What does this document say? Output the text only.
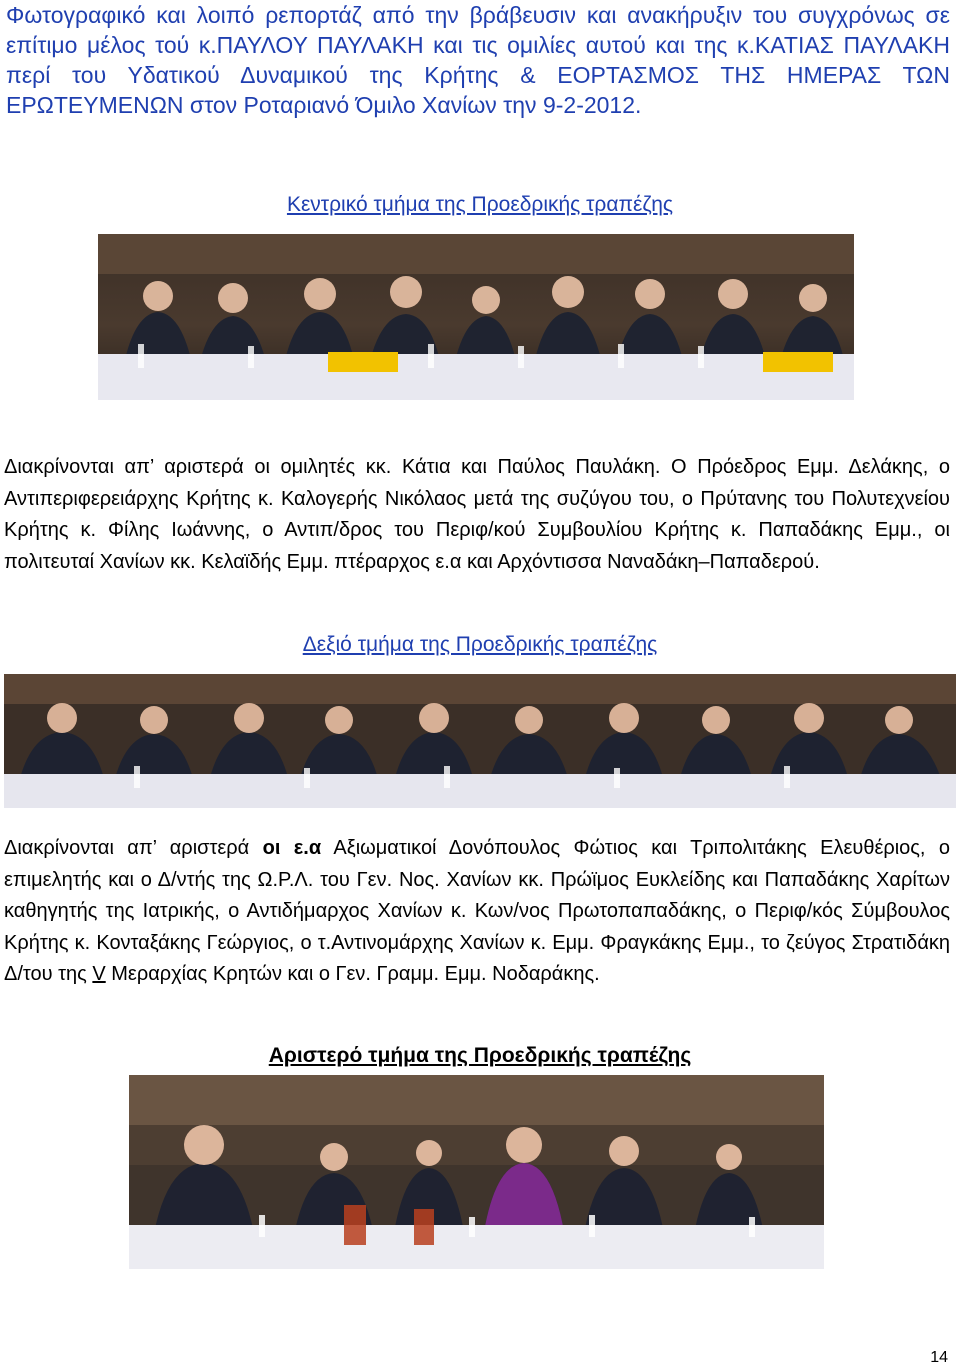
Φωτογραφικό και λοιπό ρεπορτάζ από την βράβευσιν και ανακήρυξιν του συγχρόνως σε επίτιμο μέλος τού κ.ΠΑΥΛΟΥ ΠΑΥΛΑΚΗ και τις ομιλίες αυτού και της κ.ΚΑΤΙΑΣ ΠΑΥΛΑΚΗ περί του Υδατικού Δυναμικού της Κρήτης & ΕΟΡΤΑΣΜΟΣ ΤΗΣ ΗΜΕΡΑΣ ΤΩΝ ΕΡΩΤΕΥΜΕΝΩΝ στον Ροταριανό Όμιλο Χανίων την 9-2-2012.
Κεντρικό τμήμα της Προεδρικής τραπέζης
Διακρίνονται απ’ αριστερά οι ομιλητές κκ. Κάτια και Παύλος Παυλάκη. Ο Πρόεδρος Εμμ. Δελάκης, ο Αντιπεριφερειάρχης Κρήτης κ. Καλογερής Νικόλαος μετά της συζύγου του, ο Πρύτανης του Πολυτεχνείου Κρήτης κ. Φίλης Ιωάννης, ο Αντιπ/δρος του Περιφ/κού Συμβουλίου Κρήτης κ. Παπαδάκης Εμμ., οι πολιτευταί Χανίων κκ. Κελαϊδής Εμμ. πτέραρχος ε.α και Αρχόντισσα Ναναδάκη–Παπαδερού.
Δεξιό τμήμα της Προεδρικής τραπέζης
Διακρίνονται απ’ αριστερά οι ε.α Αξιωματικοί Δονόπουλος Φώτιος και Τριπολιτάκης Ελευθέριος, ο επιμελητής και ο Δ/ντής της Ω.Ρ.Λ. του Γεν. Νος. Χανίων κκ. Πρώϊμος Ευκλείδης και Παπαδάκης Χαρίτων καθηγητής της Ιατρικής, ο Αντιδήμαρχος Χανίων κ. Κων/νος Πρωτοπαπαδάκης, ο Περιφ/κός Σύμβουλος Κρήτης κ. Κονταξάκης Γεώργιος, ο τ.Αντινομάρχης Χανίων κ. Εμμ. Φραγκάκης Εμμ., το ζεύγος Στρατιδάκη Δ/του της V Μεραρχίας Κρητών και ο Γεν. Γραμμ. Εμμ. Νοδαράκης.
Αριστερό τμήμα της Προεδρικής τραπέζης
14
